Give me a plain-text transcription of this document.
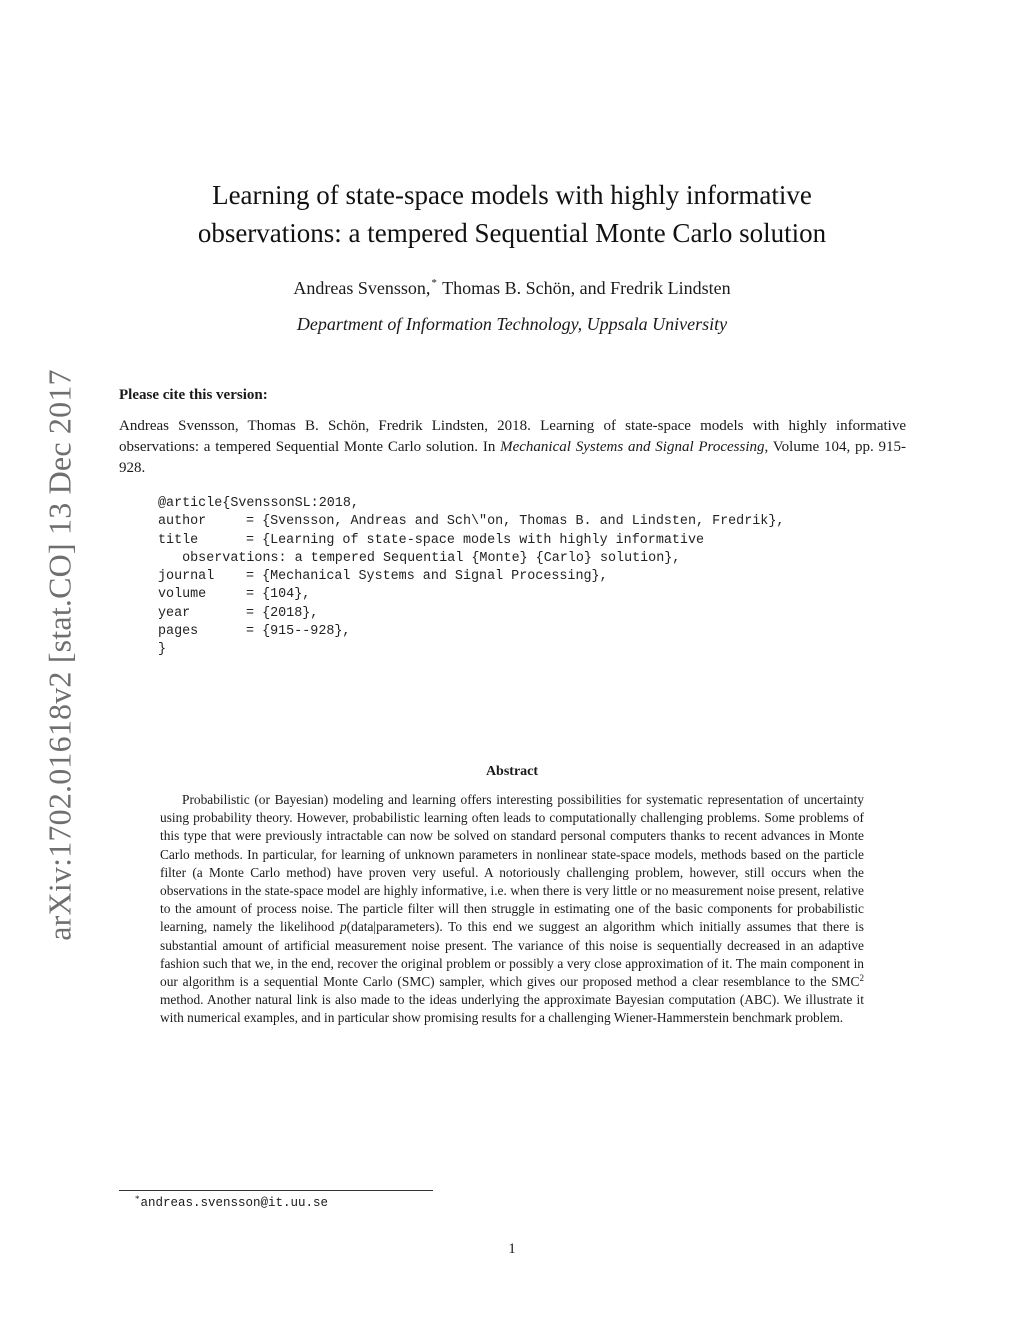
arXiv:1702.01618v2 [stat.CO] 13 Dec 2017
Learning of state-space models with highly informative
observations: a tempered Sequential Monte Carlo solution
Andreas Svensson,* Thomas B. Schön, and Fredrik Lindsten
Department of Information Technology, Uppsala University
Please cite this version:
Andreas Svensson, Thomas B. Schön, Fredrik Lindsten, 2018. Learning of state-space models with highly informative observations: a tempered Sequential Monte Carlo solution. In Mechanical Systems and Signal Processing, Volume 104, pp. 915-928.
@article{SvenssonSL:2018,
author	= {Svensson, Andreas and Sch\"on, Thomas B. and Lindsten, Fredrik},
title	= {Learning of state-space models with highly informative
observations: a tempered Sequential {Monte} {Carlo} solution},
journal = {Mechanical Systems and Signal Processing},
volume	= {104},
year	= {2018},
pages	= {915--928},
}
Abstract
Probabilistic (or Bayesian) modeling and learning offers interesting possibilities for systematic representation of uncertainty using probability theory. However, probabilistic learning often leads to computationally challenging problems. Some problems of this type that were previously intractable can now be solved on standard personal computers thanks to recent advances in Monte Carlo methods. In particular, for learning of unknown parameters in nonlinear state-space models, methods based on the particle filter (a Monte Carlo method) have proven very useful. A notoriously challenging problem, however, still occurs when the observations in the state-space model are highly informative, i.e. when there is very little or no measurement noise present, relative to the amount of process noise. The particle filter will then struggle in estimating one of the basic components for probabilistic learning, namely the likelihood p(data|parameters). To this end we suggest an algorithm which initially assumes that there is substantial amount of artificial measurement noise present. The variance of this noise is sequentially decreased in an adaptive fashion such that we, in the end, recover the original problem or possibly a very close approximation of it. The main component in our algorithm is a sequential Monte Carlo (SMC) sampler, which gives our proposed method a clear resemblance to the SMC$^2$ method. Another natural link is also made to the ideas underlying the approximate Bayesian computation (ABC). We illustrate it with numerical examples, and in particular show promising results for a challenging Wiener-Hammerstein benchmark problem.
*andreas.svensson@it.uu.se
1
